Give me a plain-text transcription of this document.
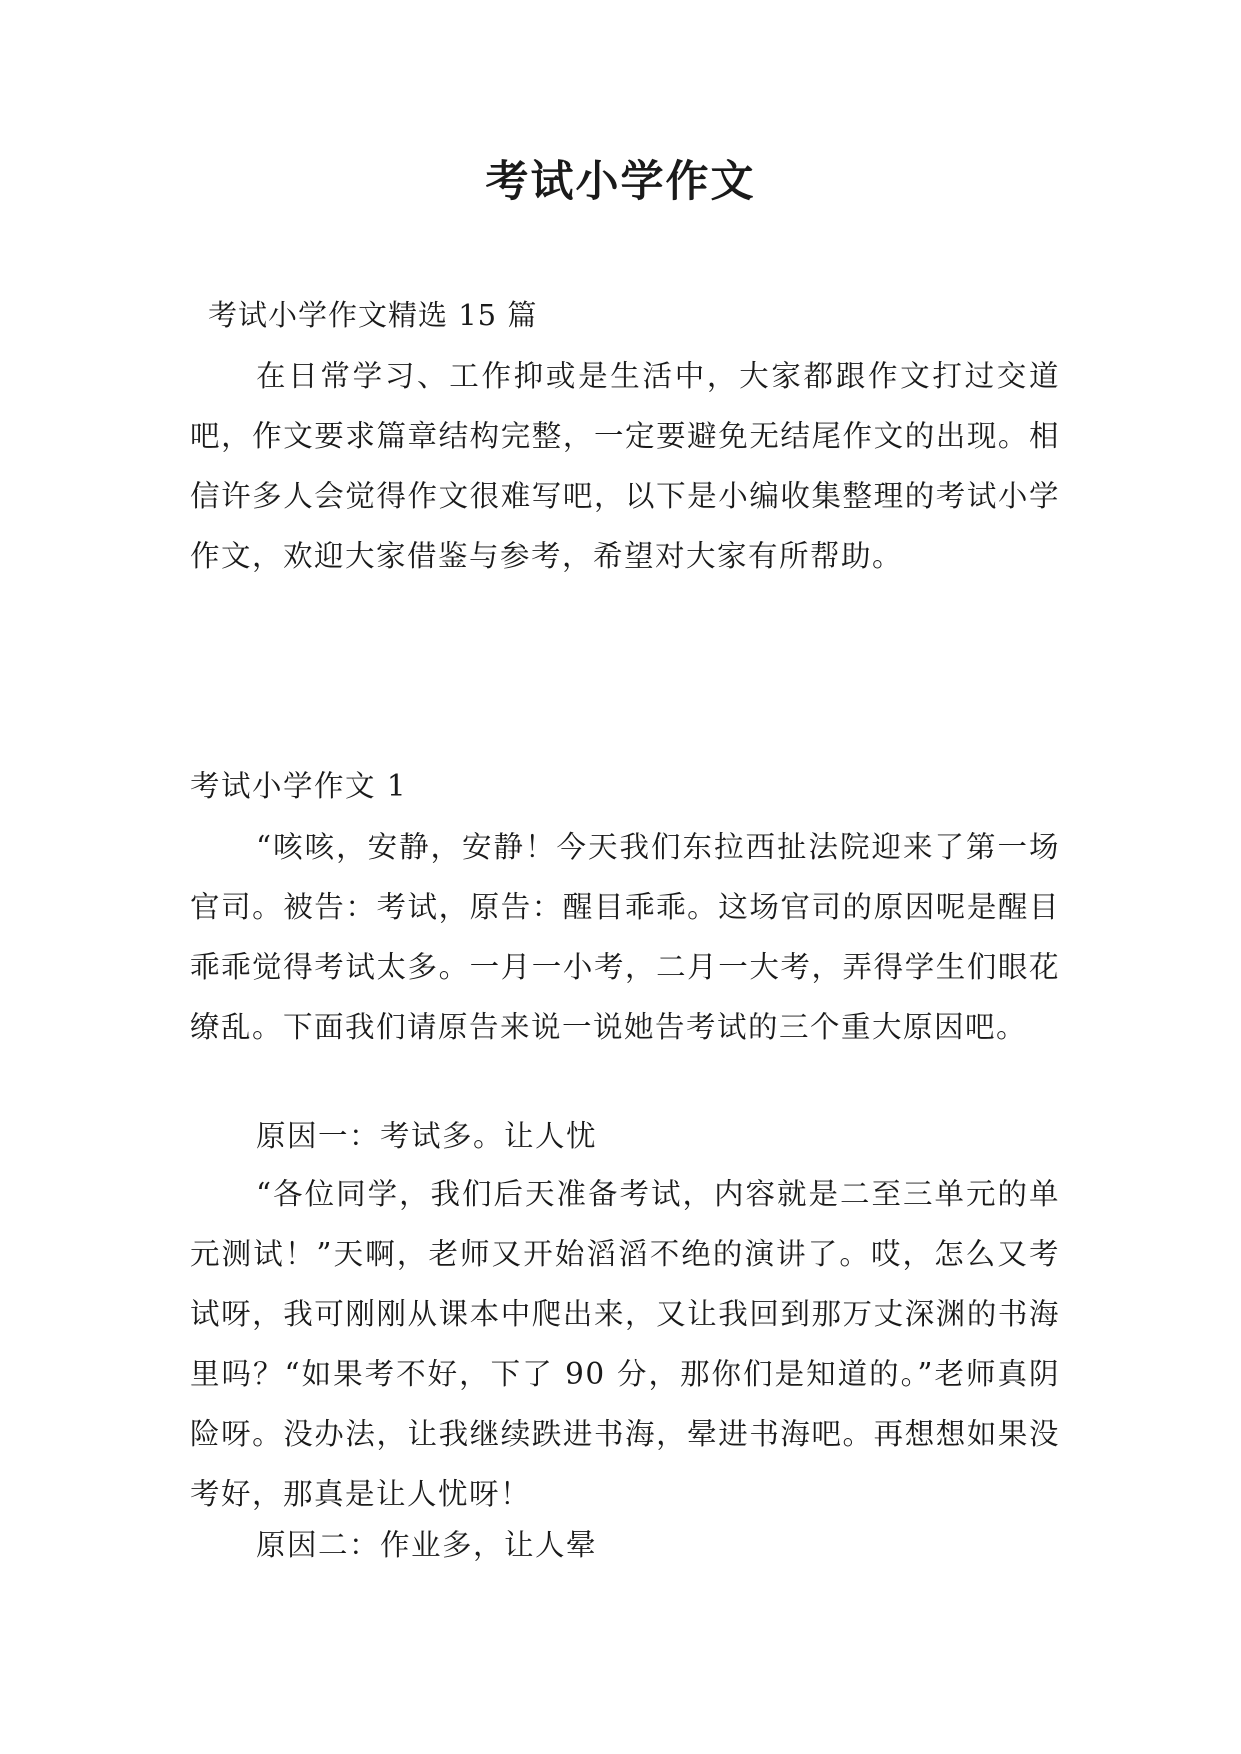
考试小学作文

考试小学作文精选 15 篇

在日常学习、工作抑或是生活中，大家都跟作文打过交道吧，作文要求篇章结构完整，一定要避免无结尾作文的出现。相信许多人会觉得作文很难写吧，以下是小编收集整理的考试小学作文，欢迎大家借鉴与参考，希望对大家有所帮助。

考试小学作文 1

“咳咳，安静，安静！今天我们东拉西扯法院迎来了第一场官司。被告：考试，原告：醒目乖乖。这场官司的原因呢是醒目乖乖觉得考试太多。一月一小考，二月一大考，弄得学生们眼花缭乱。下面我们请原告来说一说她告考试的三个重大原因吧。

原因一：考试多。让人忧

“各位同学，我们后天准备考试，内容就是二至三单元的单元测试！”天啊，老师又开始滔滔不绝的演讲了。哎，怎么又考试呀，我可刚刚从课本中爬出来，又让我回到那万丈深渊的书海里吗？“如果考不好，下了 90 分，那你们是知道的。”老师真阴险呀。没办法，让我继续跌进书海，晕进书海吧。再想想如果没考好，那真是让人忧呀！

原因二：作业多，让人晕
